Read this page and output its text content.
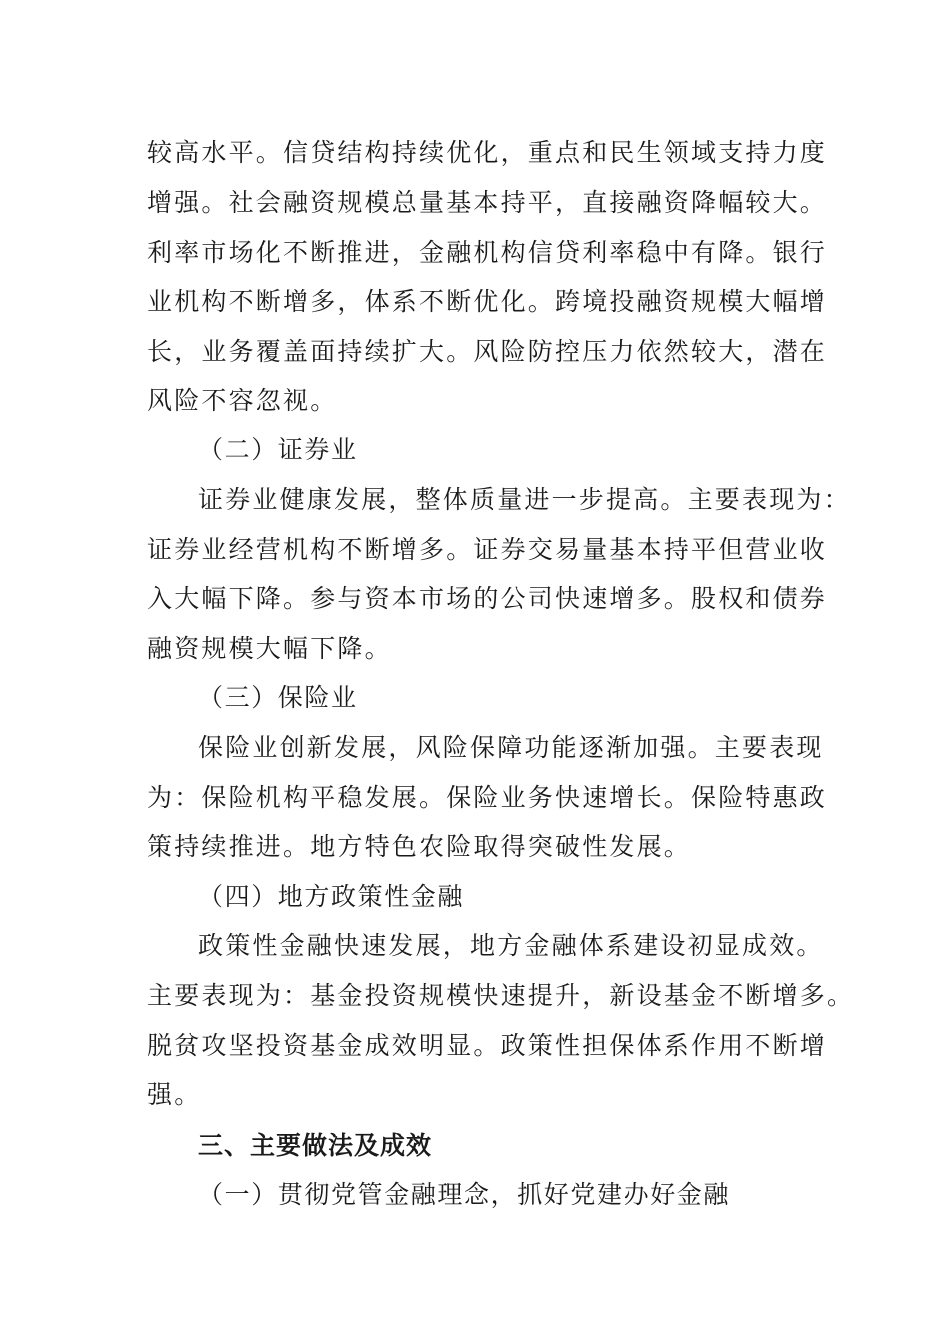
较高水平。信贷结构持续优化，重点和民生领域支持力度
增强。社会融资规模总量基本持平，直接融资降幅较大。
利率市场化不断推进，金融机构信贷利率稳中有降。银行
业机构不断增多，体系不断优化。跨境投融资规模大幅增
长，业务覆盖面持续扩大。风险防控压力依然较大，潜在
风险不容忽视。
（二）证券业
证券业健康发展，整体质量进一步提高。主要表现为：
证券业经营机构不断增多。证券交易量基本持平但营业收
入大幅下降。参与资本市场的公司快速增多。股权和债券
融资规模大幅下降。
（三）保险业
保险业创新发展，风险保障功能逐渐加强。主要表现
为：保险机构平稳发展。保险业务快速增长。保险特惠政
策持续推进。地方特色农险取得突破性发展。
（四）地方政策性金融
政策性金融快速发展，地方金融体系建设初显成效。
主要表现为：基金投资规模快速提升，新设基金不断增多。
脱贫攻坚投资基金成效明显。政策性担保体系作用不断增
强。
三、主要做法及成效
（一）贯彻党管金融理念，抓好党建办好金融
